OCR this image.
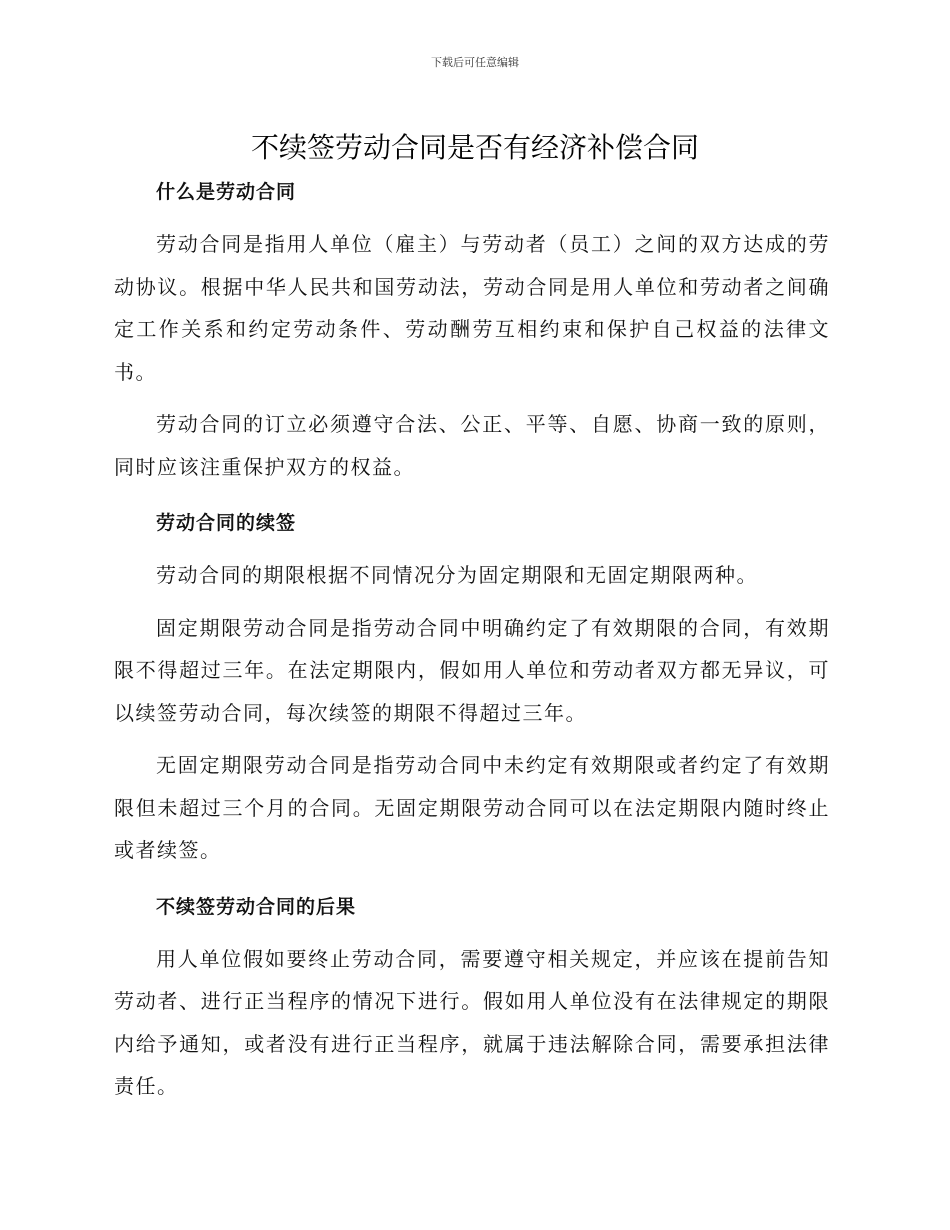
下载后可任意编辑
不续签劳动合同是否有经济补偿合同
什么是劳动合同

劳动合同是指用人单位（雇主）与劳动者（员工）之间的双方达成的劳动协议。根据中华人民共和国劳动法，劳动合同是用人单位和劳动者之间确定工作关系和约定劳动条件、劳动酬劳互相约束和保护自己权益的法律文书。

劳动合同的订立必须遵守合法、公正、平等、自愿、协商一致的原则，同时应该注重保护双方的权益。

劳动合同的续签

劳动合同的期限根据不同情况分为固定期限和无固定期限两种。

固定期限劳动合同是指劳动合同中明确约定了有效期限的合同，有效期限不得超过三年。在法定期限内，假如用人单位和劳动者双方都无异议，可以续签劳动合同，每次续签的期限不得超过三年。

无固定期限劳动合同是指劳动合同中未约定有效期限或者约定了有效期限但未超过三个月的合同。无固定期限劳动合同可以在法定期限内随时终止或者续签。

不续签劳动合同的后果

用人单位假如要终止劳动合同，需要遵守相关规定，并应该在提前告知劳动者、进行正当程序的情况下进行。假如用人单位没有在法律规定的期限内给予通知，或者没有进行正当程序，就属于违法解除合同，需要承担法律责任。
